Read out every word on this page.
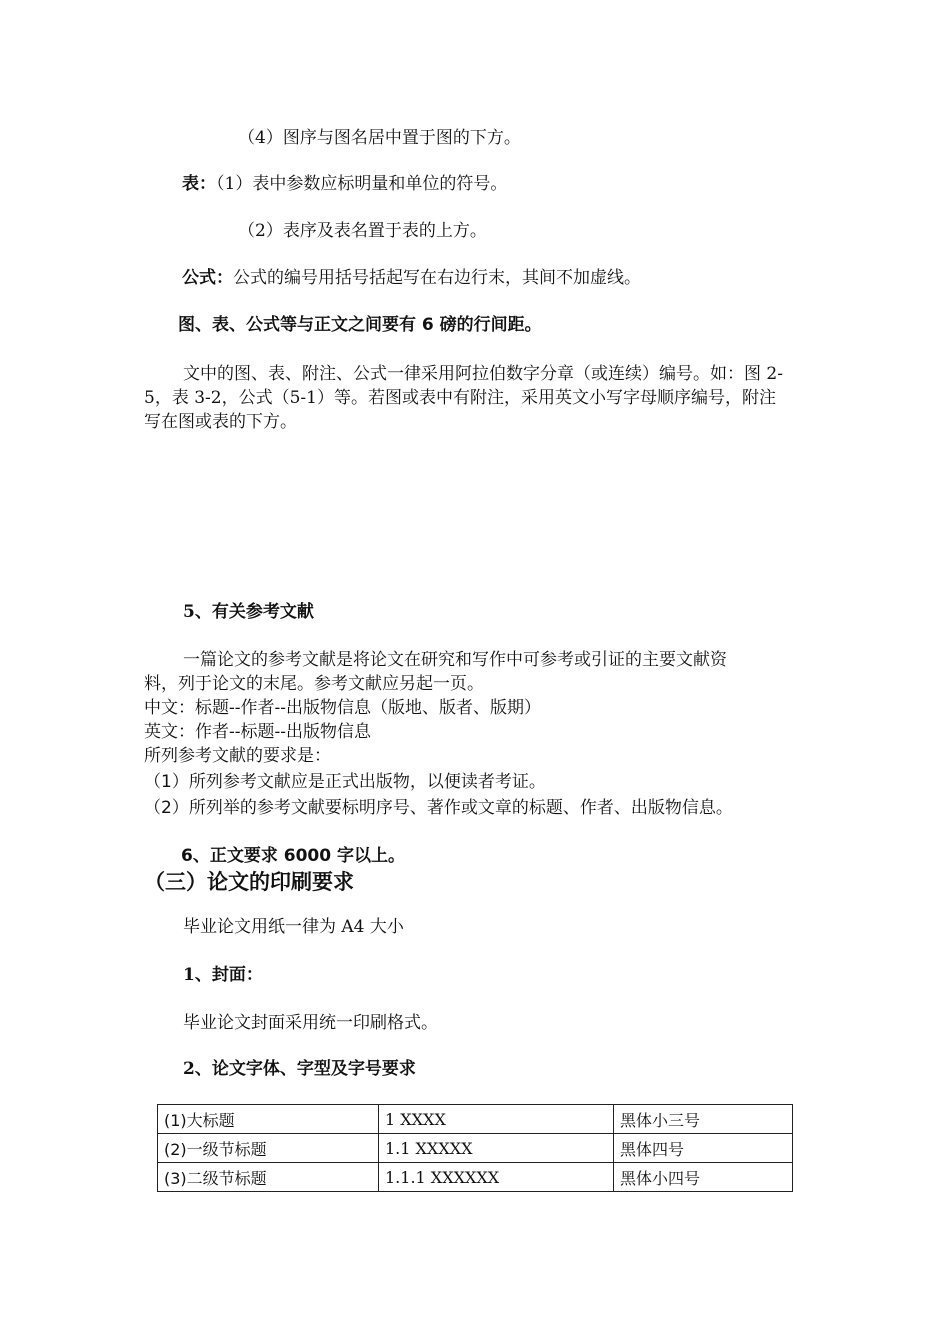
（4）图序与图名居中置于图的下方。
表：（1）表中参数应标明量和单位的符号。
（2）表序及表名置于表的上方。
公式：公式的编号用括号括起写在右边行末，其间不加虚线。
图、表、公式等与正文之间要有 6 磅的行间距。
文中的图、表、附注、公式一律采用阿拉伯数字分章（或连续）编号。如：图 2-
5，表 3-2，公式（5-1）等。若图或表中有附注，采用英文小写字母顺序编号，附注
写在图或表的下方。
5、有关参考文献
一篇论文的参考文献是将论文在研究和写作中可参考或引证的主要文献资
料，列于论文的末尾。参考文献应另起一页。
中文：标题--作者--出版物信息（版地、版者、版期）
英文：作者--标题--出版物信息
所列参考文献的要求是：
（1）所列参考文献应是正式出版物，以便读者考证。
（2）所列举的参考文献要标明序号、著作或文章的标题、作者、出版物信息。
6、正文要求 6000 字以上。
（三）论文的印刷要求
毕业论文用纸一律为 A4 大小
1、封面：
毕业论文封面采用统一印刷格式。
2、论文字体、字型及字号要求
(1)大标题	1 XXXX	黑体小三号
(2)一级节标题	1.1 XXXXX	黑体四号
(3)二级节标题	1.1.1 XXXXXX	黑体小四号
